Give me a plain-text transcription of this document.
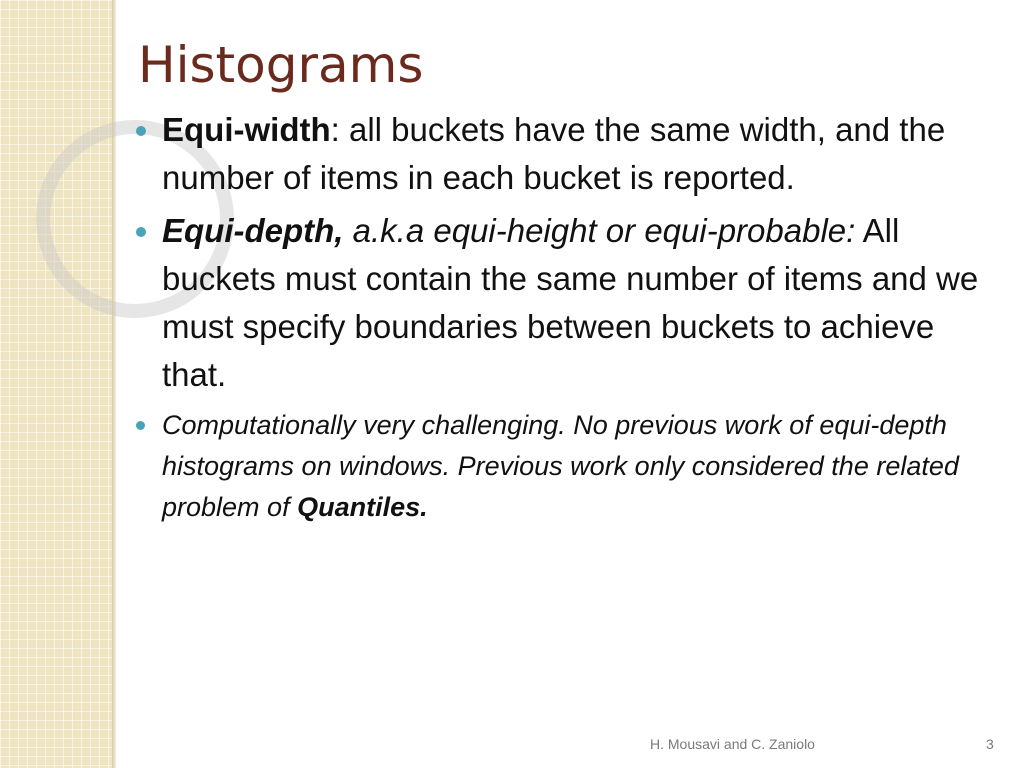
Histograms
Equi-width: all buckets have the same width, and the number of items in each bucket is reported.
Equi-depth, a.k.a equi-height or equi-probable: All buckets must contain the same number of items and we must specify boundaries between buckets to achieve that.
Computationally very challenging. No previous work of equi-depth histograms on windows. Previous work only considered the related problem of Quantiles.
H. Mousavi and C. Zaniolo	3
